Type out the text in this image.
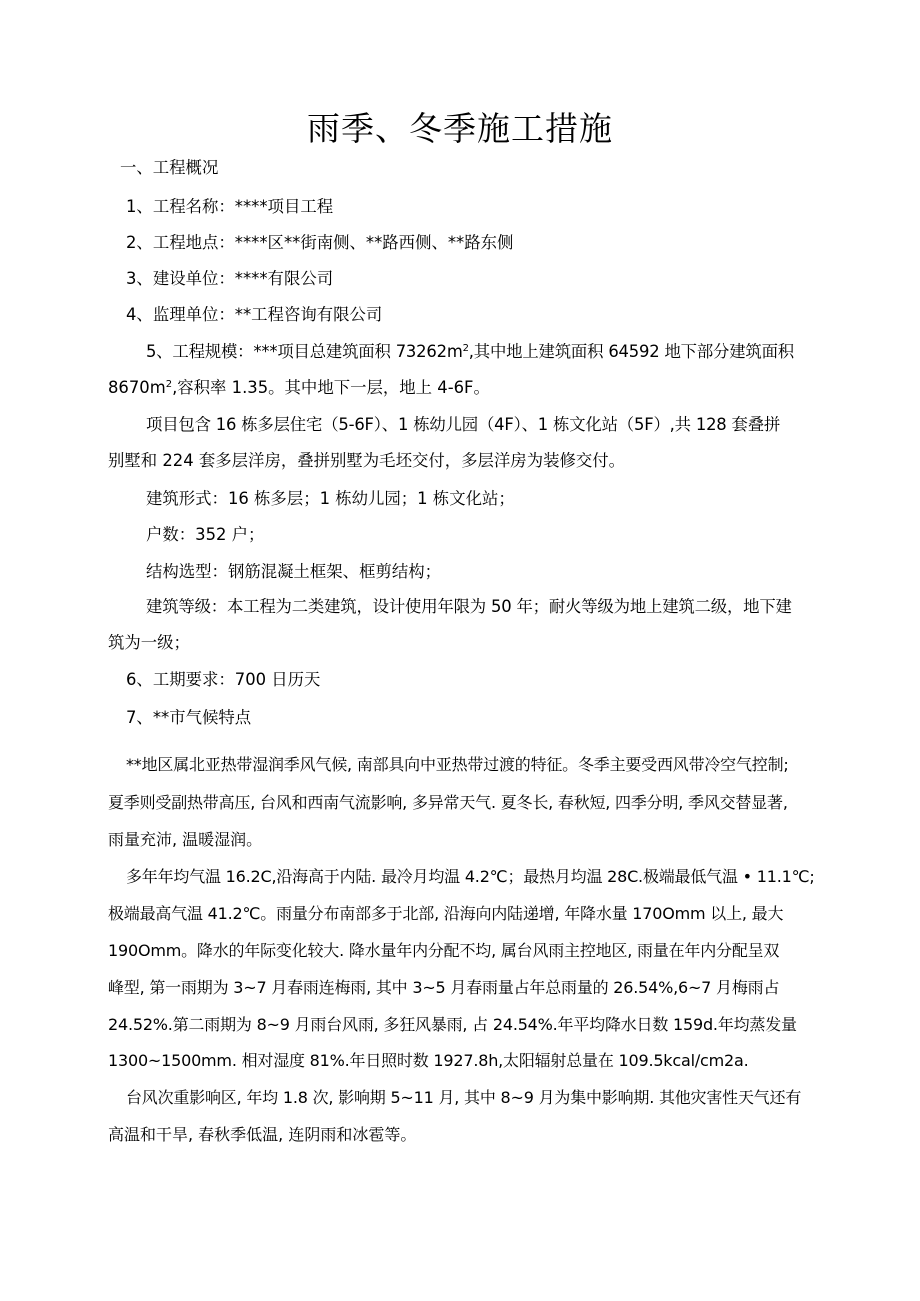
雨季、冬季施工措施
一、工程概况
1、工程名称：****项目工程
2、工程地点：****区**街南侧、**路西侧、**路东侧
3、建设单位：****有限公司
4、监理单位：**工程咨询有限公司
5、工程规模：***项目总建筑面积 $73262m^2$,其中地上建筑面积 64592 地下部分建筑面积
$8670m^2$,容积率 1.35。其中地下一层，地上 4-6F。
项目包含 16 栋多层住宅（5-6F）、1 栋幼儿园（4F）、1 栋文化站（5F）,共 128 套叠拼
别墅和 224 套多层洋房，叠拼别墅为毛坯交付，多层洋房为装修交付。
建筑形式：16 栋多层；1 栋幼儿园；1 栋文化站；
户数：352 户；
结构选型：钢筋混凝土框架、框剪结构；
建筑等级：本工程为二类建筑，设计使用年限为 50 年；耐火等级为地上建筑二级，地下建
筑为一级；
6、工期要求：700 日历天
7、**市气候特点
**地区属北亚热带湿润季风气候, 南部具向中亚热带过渡的特征。冬季主要受西风带冷空气控制;
夏季则受副热带高压, 台风和西南气流影响, 多异常天气. 夏冬长, 春秋短, 四季分明, 季风交替显著,
雨量充沛, 温暖湿润。
多年年均气温 16.2C,沿海高于内陆. 最冷月均温 4.2℃；最热月均温 28C.极端最低气温 • 11.1℃;
极端最高气温 41.2℃。雨量分布南部多于北部, 沿海向内陆递增, 年降水量 170Omm 以上, 最大
190Omm。降水的年际变化较大. 降水量年内分配不均, 属台风雨主控地区, 雨量在年内分配呈双
峰型, 第一雨期为 3~7 月春雨连梅雨, 其中 3~5 月春雨量占年总雨量的 26.54%,6~7 月梅雨占
24.52%.第二雨期为 8~9 月雨台风雨, 多狂风暴雨, 占 24.54%.年平均降水日数 159d.年均蒸发量
1300~1500mm. 相对湿度 81%.年日照时数 1927.8h,太阳辐射总量在 109.5kcal∕cm2a.
台风次重影响区, 年均 1.8 次, 影响期 5~11 月, 其中 8~9 月为集中影响期. 其他灾害性天气还有
高温和干旱, 春秋季低温, 连阴雨和冰雹等。
